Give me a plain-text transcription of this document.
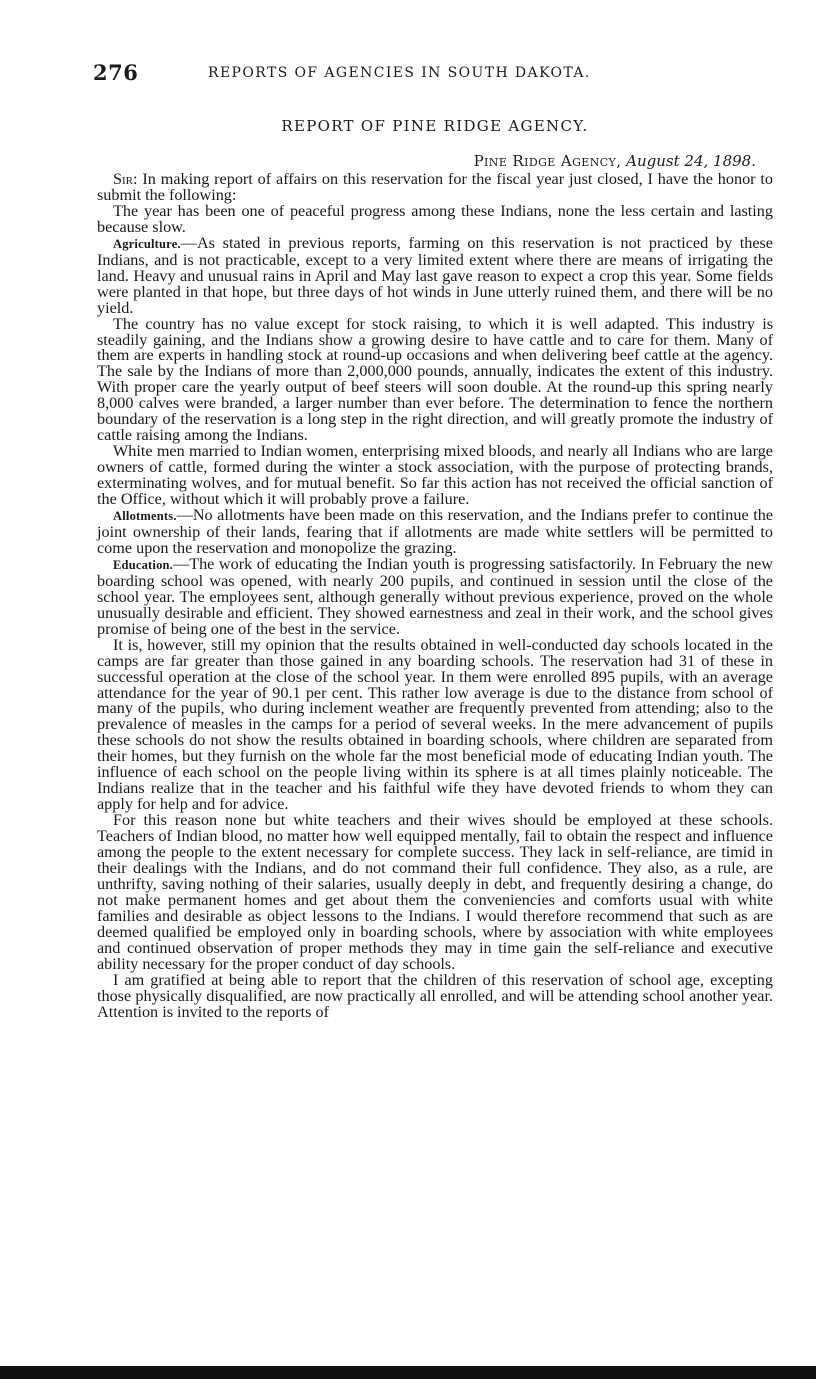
276	REPORTS OF AGENCIES IN SOUTH DAKOTA.
REPORT OF PINE RIDGE AGENCY.
Pine Ridge Agency, August 24, 1898.

Sir: In making report of affairs on this reservation for the fiscal year just closed, I have the honor to submit the following:

The year has been one of peaceful progress among these Indians, none the less certain and lasting because slow.

Agriculture.—As stated in previous reports, farming on this reservation is not practiced by these Indians, and is not practicable, except to a very limited extent where there are means of irrigating the land. Heavy and unusual rains in April and May last gave reason to expect a crop this year. Some fields were planted in that hope, but three days of hot winds in June utterly ruined them, and there will be no yield.

The country has no value except for stock raising, to which it is well adapted. This industry is steadily gaining, and the Indians show a growing desire to have cattle and to care for them. Many of them are experts in handling stock at round-up occasions and when delivering beef cattle at the agency. The sale by the Indians of more than 2,000,000 pounds, annually, indicates the extent of this industry. With proper care the yearly output of beef steers will soon double. At the round-up this spring nearly 8,000 calves were branded, a larger number than ever before. The determination to fence the northern boundary of the reservation is a long step in the right direction, and will greatly promote the industry of cattle raising among the Indians.

White men married to Indian women, enterprising mixed bloods, and nearly all Indians who are large owners of cattle, formed during the winter a stock association, with the purpose of protecting brands, exterminating wolves, and for mutual benefit. So far this action has not received the official sanction of the Office, without which it will probably prove a failure.

Allotments.—No allotments have been made on this reservation, and the Indians prefer to continue the joint ownership of their lands, fearing that if allotments are made white settlers will be permitted to come upon the reservation and monopolize the grazing.

Education.—The work of educating the Indian youth is progressing satisfactorily. In February the new boarding school was opened, with nearly 200 pupils, and continued in session until the close of the school year. The employees sent, although generally without previous experience, proved on the whole unusually desirable and efficient. They showed earnestness and zeal in their work, and the school gives promise of being one of the best in the service.

It is, however, still my opinion that the results obtained in well-conducted day schools located in the camps are far greater than those gained in any boarding schools. The reservation had 31 of these in successful operation at the close of the school year. In them were enrolled 895 pupils, with an average attendance for the year of 90.1 per cent. This rather low average is due to the distance from school of many of the pupils, who during inclement weather are frequently prevented from attending; also to the prevalence of measles in the camps for a period of several weeks. In the mere advancement of pupils these schools do not show the results obtained in boarding schools, where children are separated from their homes, but they furnish on the whole far the most beneficial mode of educating Indian youth. The influence of each school on the people living within its sphere is at all times plainly noticeable. The Indians realize that in the teacher and his faithful wife they have devoted friends to whom they can apply for help and for advice.

For this reason none but white teachers and their wives should be employed at these schools. Teachers of Indian blood, no matter how well equipped mentally, fail to obtain the respect and influence among the people to the extent necessary for complete success. They lack in self-reliance, are timid in their dealings with the Indians, and do not command their full confidence. They also, as a rule, are unthrifty, saving nothing of their salaries, usually deeply in debt, and frequently desiring a change, do not make permanent homes and get about them the conveniencies and comforts usual with white families and desirable as object lessons to the Indians. I would therefore recommend that such as are deemed qualified be employed only in boarding schools, where by association with white employees and continued observation of proper methods they may in time gain the self-reliance and executive ability necessary for the proper conduct of day schools.

I am gratified at being able to report that the children of this reservation of school age, excepting those physically disqualified, are now practically all enrolled, and will be attending school another year. Attention is invited to the reports of
